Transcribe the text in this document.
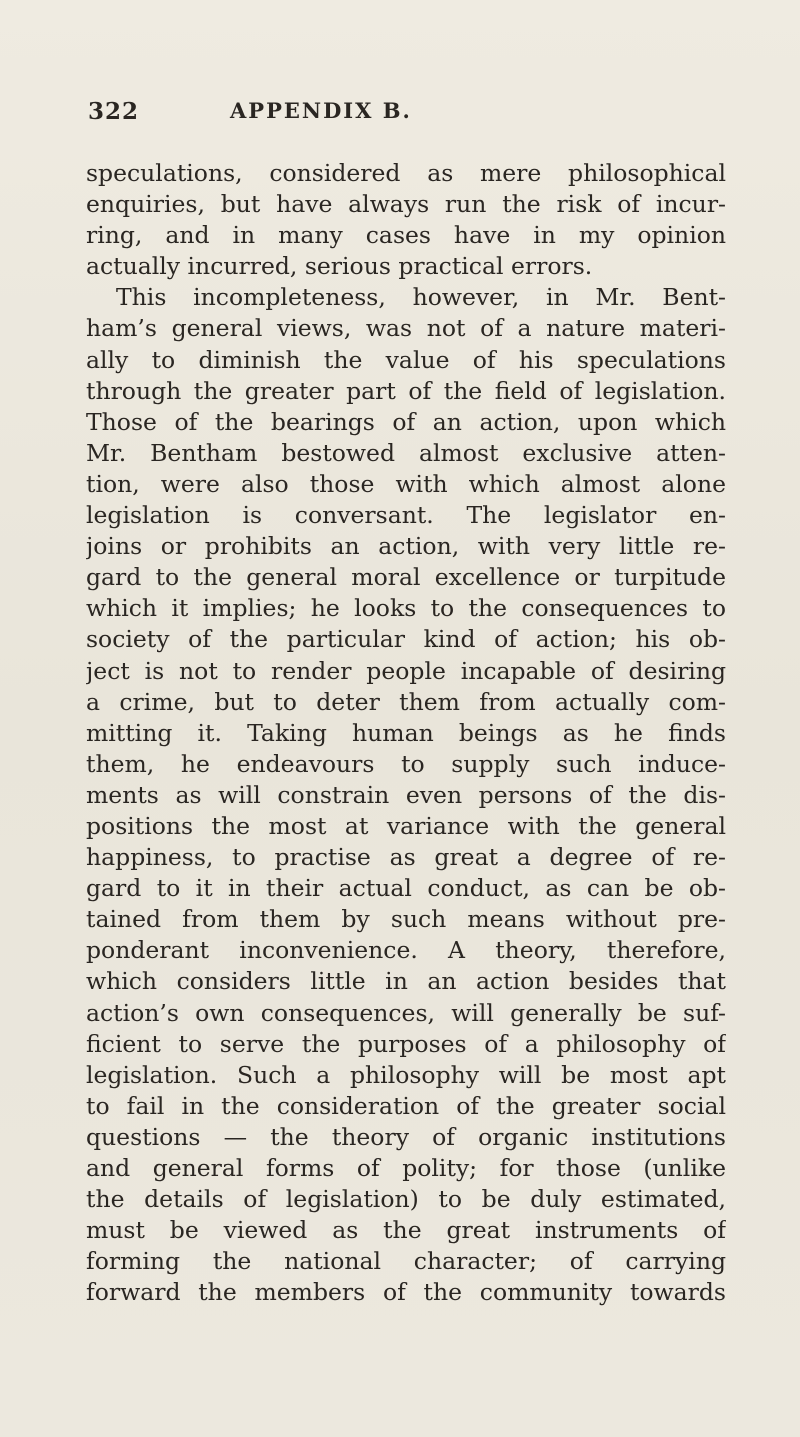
322	APPENDIX B.
speculations, considered as mere philosophical
enquiries, but have always run the risk of incur-
ring, and in many cases have in my opinion
actually incurred, serious practical errors.
This incompleteness, however, in Mr. Bent-
ham’s general views, was not of a nature materi-
ally to diminish the value of his speculations
through the greater part of the field of legislation.
Those of the bearings of an action, upon which
Mr. Bentham bestowed almost exclusive atten-
tion, were also those with which almost alone
legislation is conversant. The legislator en-
joins or prohibits an action, with very little re-
gard to the general moral excellence or turpitude
which it implies; he looks to the consequences to
society of the particular kind of action; his ob-
ject is not to render people incapable of desiring
a crime, but to deter them from actually com-
mitting it. Taking human beings as he finds
them, he endeavours to supply such induce-
ments as will constrain even persons of the dis-
positions the most at variance with the general
happiness, to practise as great a degree of re-
gard to it in their actual conduct, as can be ob-
tained from them by such means without pre-
ponderant inconvenience. A theory, therefore,
which considers little in an action besides that
action’s own consequences, will generally be suf-
ficient to serve the purposes of a philosophy of
legislation. Such a philosophy will be most apt
to fail in the consideration of the greater social
questions — the theory of organic institutions
and general forms of polity; for those (unlike
the details of legislation) to be duly estimated,
must be viewed as the great instruments of
forming the national character; of carrying
forward the members of the community towards
